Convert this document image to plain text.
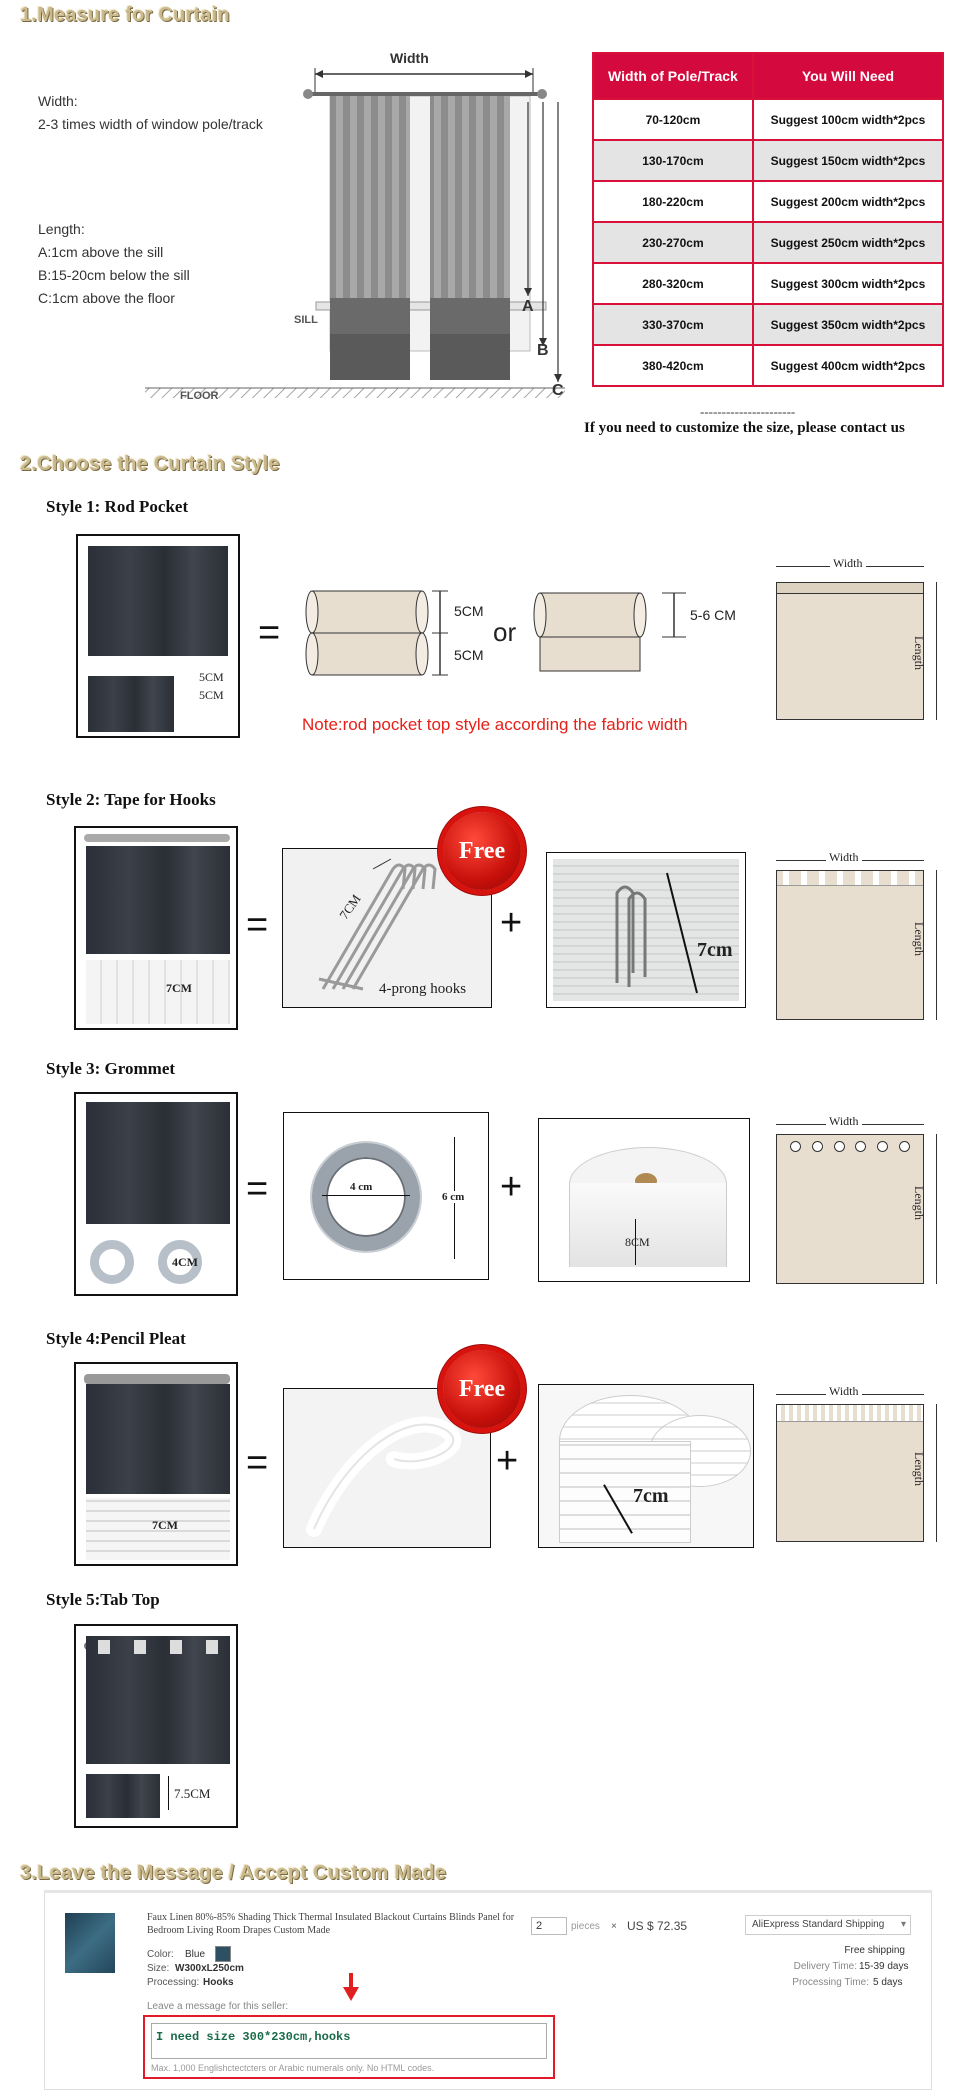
1.Measure for Curtain
Width:
2-3 times width of window pole/track
Length:
A:1cm above the sill
B:15-20cm below the sill
C:1cm above the floor
Width
SILL
FLOOR
A
B
C
Width of Pole/Track	You Will Need
70-120cm	Suggest 100cm width*2pcs
130-170cm	Suggest 150cm width*2pcs
180-220cm	Suggest 200cm width*2pcs
230-270cm	Suggest 250cm width*2pcs
280-320cm	Suggest 300cm width*2pcs
330-370cm	Suggest 350cm width*2pcs
380-420cm	Suggest 400cm width*2pcs
----------------------
If you need to customize the size, please contact us
2.Choose the Curtain Style
Style 1: Rod Pocket
5CM
5CM
=
5CM
5CM
or
5-6 CM
Note:rod pocket top style according the fabric width
Width
Length
Style 2: Tape for Hooks
7CM
=	7CM
4-prong hooks
Free
+
7cm
Width
Length
Style 3: Grommet
4CM
=	4 cm
6 cm +
8CM
Width
Length
Style 4:Pencil Pleat
7CM
=
Free
+
7cm
Width
Length
Style 5:Tab Top
7.5CM
3.Leave the Message / Accept Custom Made
Faux Linen 80%-85% Shading Thick Thermal Insulated Blackout Curtains Blinds Panel for Bedroom Living Room Drapes Custom Made
Color: Blue
Size: W300xL250cm
Processing: Hooks
2	pieces × US $ 72.35	AliExpress Standard Shipping ▾
Free shipping
Delivery Time: 15-39 days
Processing Time: 5 days
Leave a message for this seller:
I need size 300*230cm,hooks
Max. 1,000 Englishctectcters or Arabic numerals only. No HTML codes.
